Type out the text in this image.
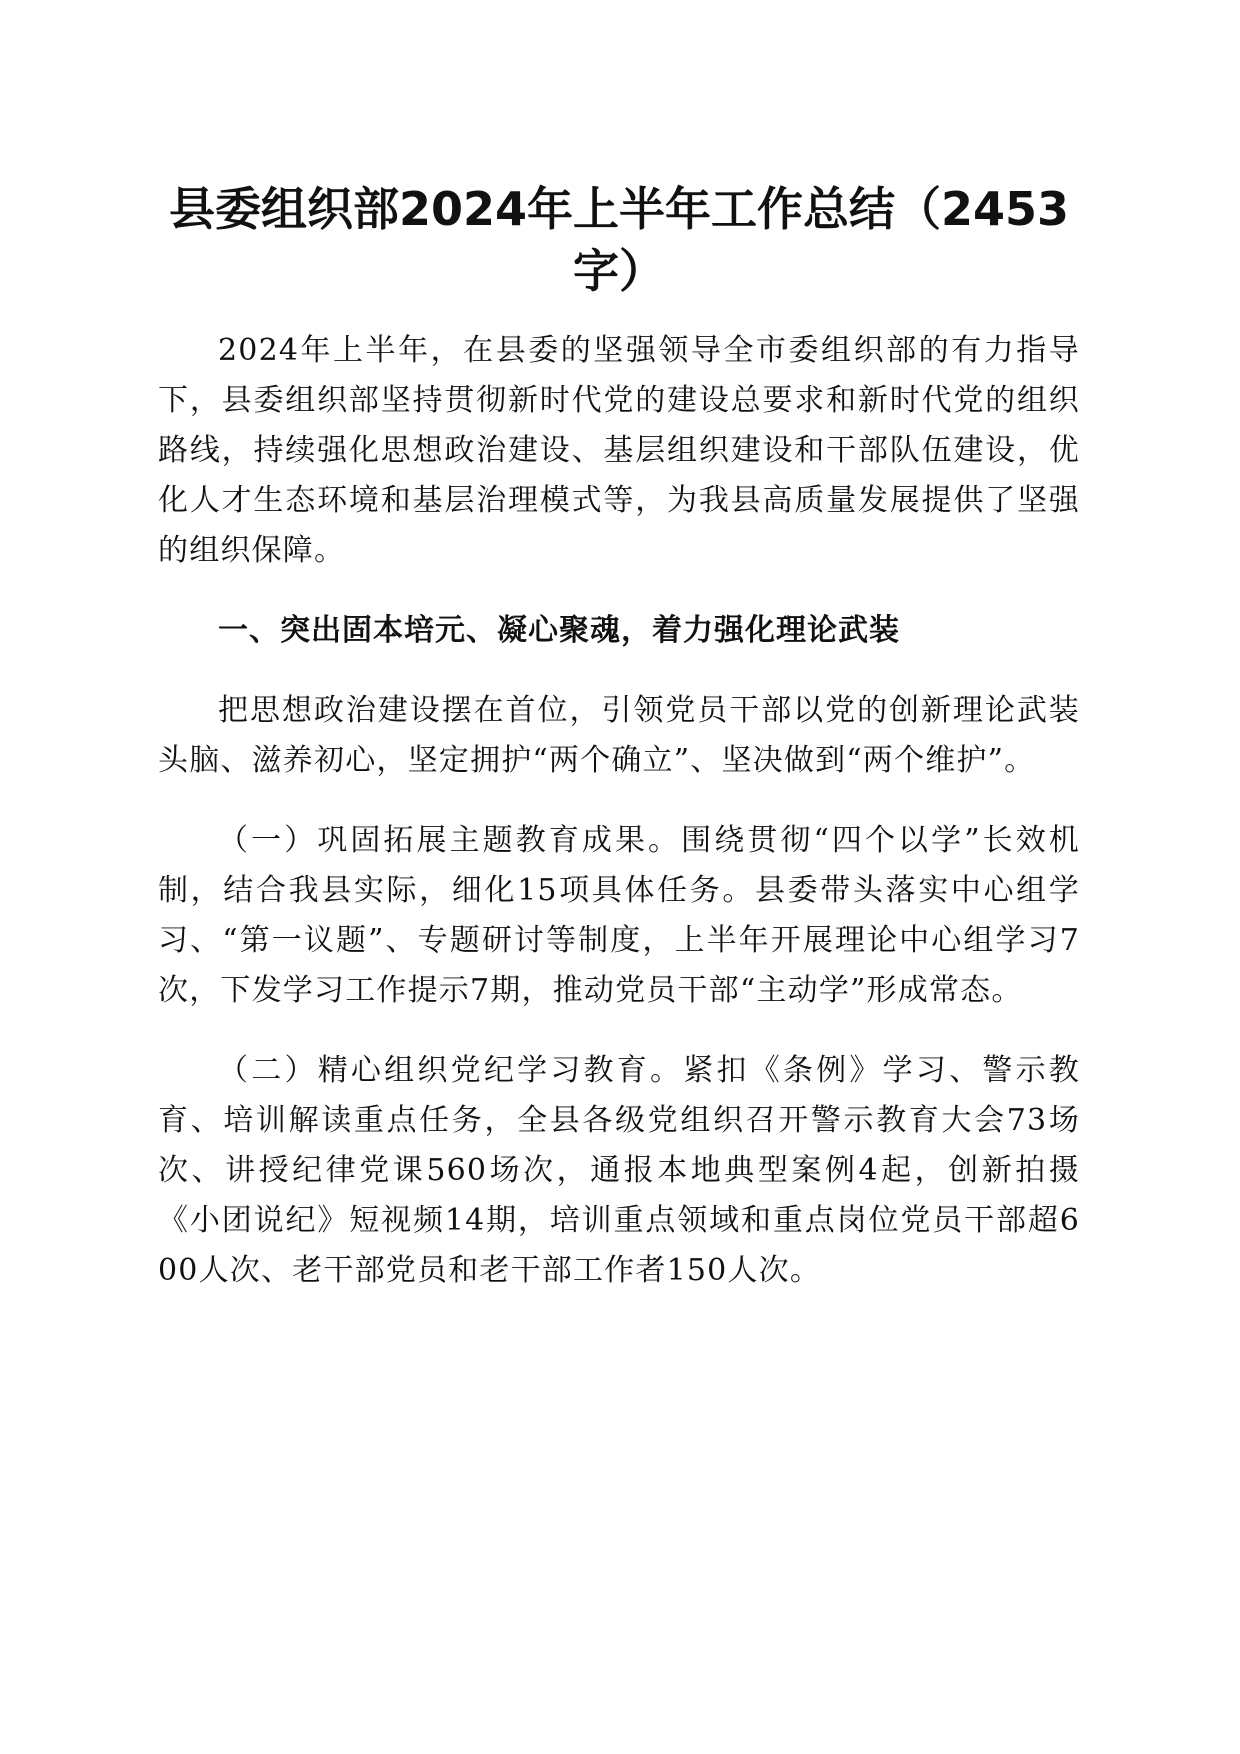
县委组织部2024年上半年工作总结（2453字）

2024年上半年，在县委的坚强领导全市委组织部的有力指导下，县委组织部坚持贯彻新时代党的建设总要求和新时代党的组织路线，持续强化思想政治建设、基层组织建设和干部队伍建设，优化人才生态环境和基层治理模式等，为我县高质量发展提供了坚强的组织保障。

一、突出固本培元、凝心聚魂，着力强化理论武装

把思想政治建设摆在首位，引领党员干部以党的创新理论武装头脑、滋养初心，坚定拥护“两个确立”、坚决做到“两个维护”。

（一）巩固拓展主题教育成果。围绕贯彻“四个以学”长效机制，结合我县实际，细化15项具体任务。县委带头落实中心组学习、“第一议题”、专题研讨等制度，上半年开展理论中心组学习7次，下发学习工作提示7期，推动党员干部“主动学”形成常态。

（二）精心组织党纪学习教育。紧扣《条例》学习、警示教育、培训解读重点任务，全县各级党组织召开警示教育大会73场次、讲授纪律党课560场次，通报本地典型案例4起，创新拍摄《小团说纪》短视频14期，培训重点领域和重点岗位党员干部超600人次、老干部党员和老干部工作者150人次。
